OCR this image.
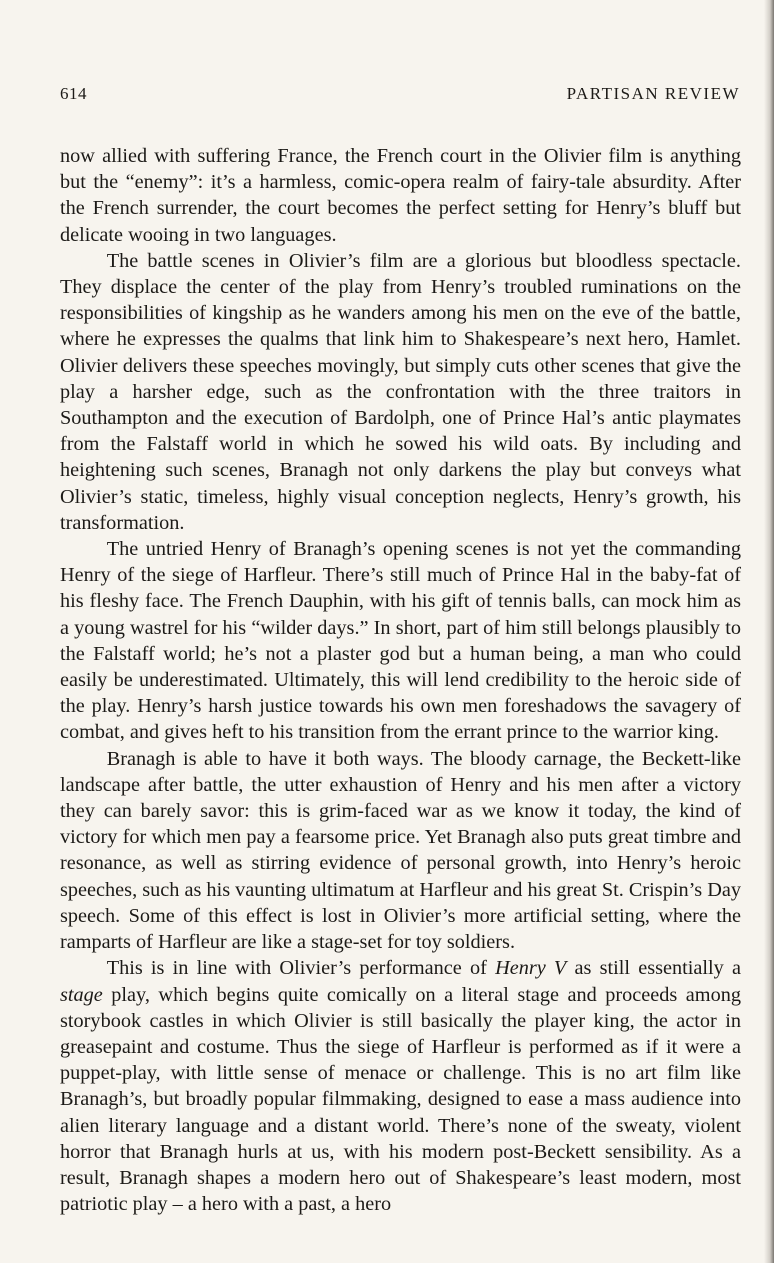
614	PARTISAN REVIEW

now allied with suffering France, the French court in the Olivier film is anything but the “enemy”: it’s a harmless, comic-opera realm of fairy-tale absurdity. After the French surrender, the court becomes the perfect setting for Henry’s bluff but delicate wooing in two languages.

The battle scenes in Olivier’s film are a glorious but bloodless spectacle. They displace the center of the play from Henry’s troubled ruminations on the responsibilities of kingship as he wanders among his men on the eve of the battle, where he expresses the qualms that link him to Shakespeare’s next hero, Hamlet. Olivier delivers these speeches movingly, but simply cuts other scenes that give the play a harsher edge, such as the confrontation with the three traitors in Southampton and the execution of Bardolph, one of Prince Hal’s antic playmates from the Falstaff world in which he sowed his wild oats. By including and heightening such scenes, Branagh not only darkens the play but conveys what Olivier’s static, timeless, highly visual conception neglects, Henry’s growth, his transformation.

The untried Henry of Branagh’s opening scenes is not yet the commanding Henry of the siege of Harfleur. There’s still much of Prince Hal in the baby-fat of his fleshy face. The French Dauphin, with his gift of tennis balls, can mock him as a young wastrel for his “wilder days.” In short, part of him still belongs plausibly to the Falstaff world; he’s not a plaster god but a human being, a man who could easily be underestimated. Ultimately, this will lend credibility to the heroic side of the play. Henry’s harsh justice towards his own men foreshadows the savagery of combat, and gives heft to his transition from the errant prince to the warrior king.

Branagh is able to have it both ways. The bloody carnage, the Beckett-like landscape after battle, the utter exhaustion of Henry and his men after a victory they can barely savor: this is grim-faced war as we know it today, the kind of victory for which men pay a fearsome price. Yet Branagh also puts great timbre and resonance, as well as stirring evidence of personal growth, into Henry’s heroic speeches, such as his vaunting ultimatum at Harfleur and his great St. Crispin’s Day speech. Some of this effect is lost in Olivier’s more artificial setting, where the ramparts of Harfleur are like a stage-set for toy soldiers.

This is in line with Olivier’s performance of Henry V as still essentially a stage play, which begins quite comically on a literal stage and proceeds among storybook castles in which Olivier is still basically the player king, the actor in greasepaint and costume. Thus the siege of Harfleur is performed as if it were a puppet-play, with little sense of menace or challenge. This is no art film like Branagh’s, but broadly popular filmmaking, designed to ease a mass audience into alien literary language and a distant world. There’s none of the sweaty, violent horror that Branagh hurls at us, with his modern post-Beckett sensibility. As a result, Branagh shapes a modern hero out of Shakespeare’s least modern, most patriotic play – a hero with a past, a hero
